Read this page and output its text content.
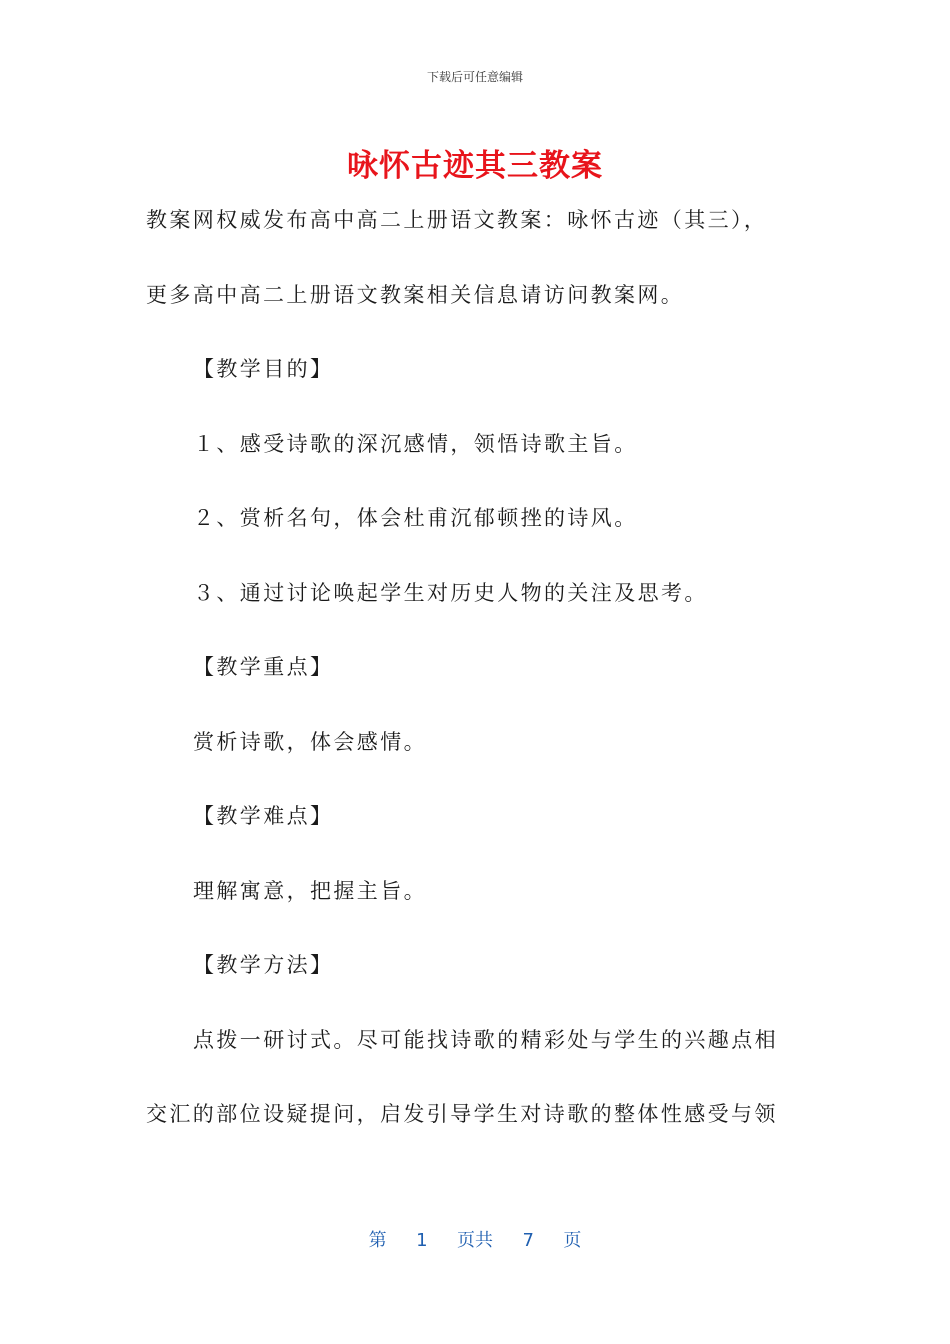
下载后可任意编辑
咏怀古迹其三教案
教案网权威发布高中高二上册语文教案：咏怀古迹（其三），
更多高中高二上册语文教案相关信息请访问教案网。
【教学目的】
１、感受诗歌的深沉感情，领悟诗歌主旨。
２、赏析名句，体会杜甫沉郁顿挫的诗风。
３、通过讨论唤起学生对历史人物的关注及思考。
【教学重点】
赏析诗歌，体会感情。
【教学难点】
理解寓意，把握主旨。
【教学方法】
点拨一研讨式。尽可能找诗歌的精彩处与学生的兴趣点相
交汇的部位设疑提问，启发引导学生对诗歌的整体性感受与领
第 1 页共 7 页
